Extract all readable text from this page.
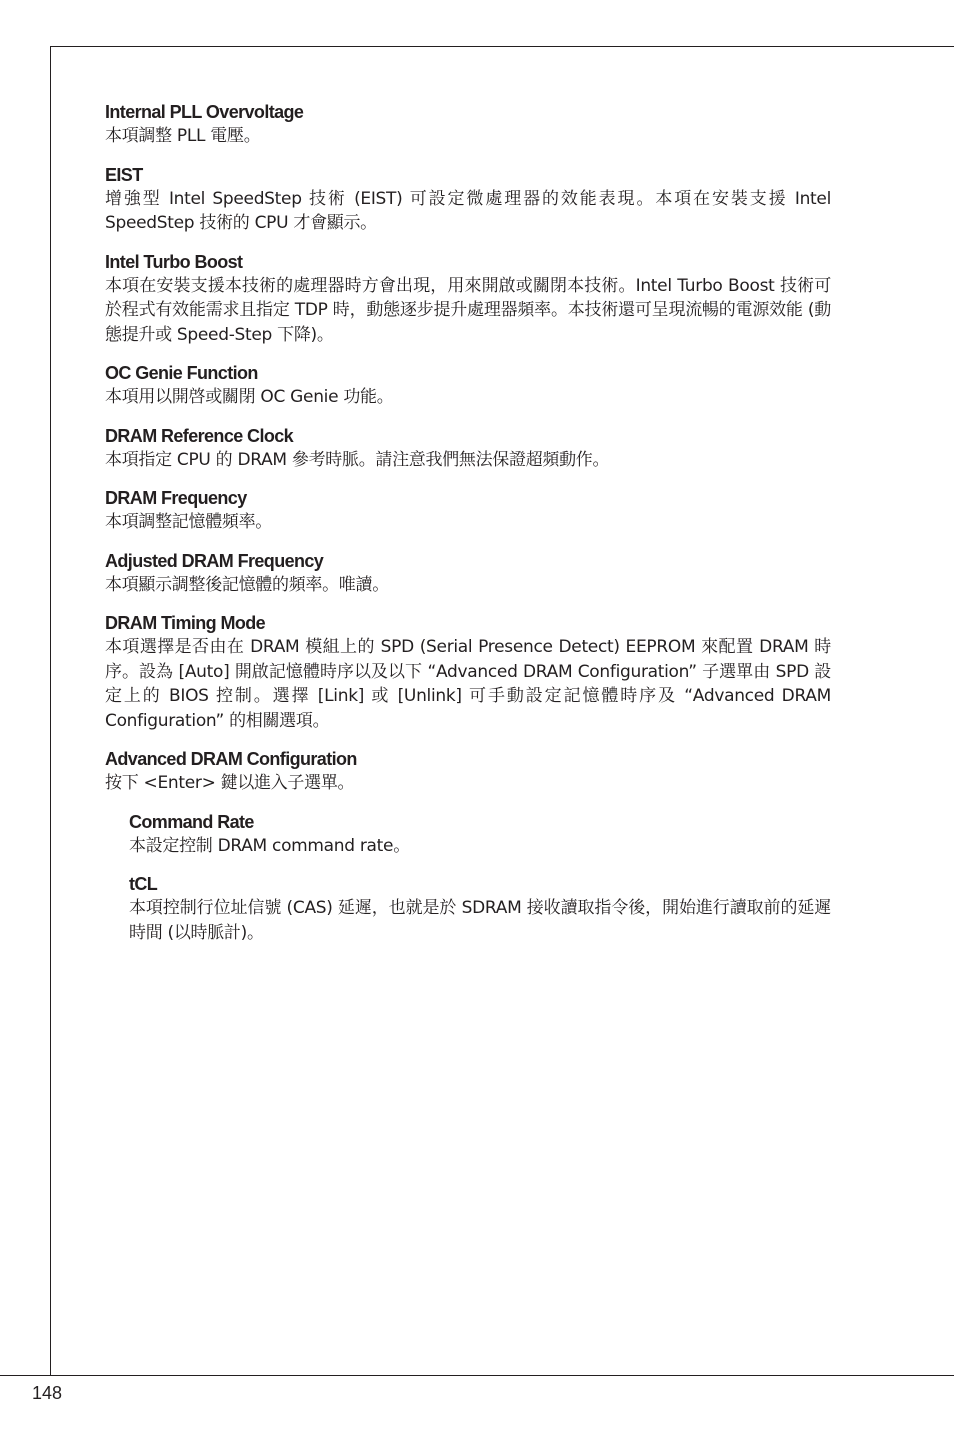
Internal PLL Overvoltage
本項調整 PLL 電壓。
EIST
增強型 Intel SpeedStep 技術 (EIST) 可設定微處理器的效能表現。本項在安裝支援 Intel SpeedStep 技術的 CPU 才會顯示。
Intel Turbo Boost
本項在安裝支援本技術的處理器時方會出現，用來開啟或關閉本技術。Intel Turbo Boost 技術可於程式有效能需求且指定 TDP 時，動態逐步提升處理器頻率。本技術還可呈現流暢的電源效能 (動態提升或 Speed-Step 下降)。
OC Genie Function
本項用以開啓或關閉 OC Genie 功能。
DRAM Reference Clock
本項指定 CPU 的 DRAM 參考時脈。請注意我們無法保證超頻動作。
DRAM Frequency
本項調整記憶體頻率。
Adjusted DRAM Frequency
本項顯示調整後記憶體的頻率。唯讀。
DRAM Timing Mode
本項選擇是否由在 DRAM 模組上的 SPD (Serial Presence Detect) EEPROM 來配置 DRAM 時序。設為 [Auto] 開啟記憶體時序以及以下 “Advanced DRAM Configuration” 子選單由 SPD 設定上的 BIOS 控制。選擇 [Link] 或 [Unlink] 可手動設定記憶體時序及 “Advanced DRAM Configuration” 的相關選項。
Advanced DRAM Configuration
按下 <Enter> 鍵以進入子選單。
Command Rate
本設定控制 DRAM command rate。
tCL
本項控制行位址信號 (CAS) 延遲，也就是於 SDRAM 接收讀取指令後，開始進行讀取前的延遲時間 (以時脈計)。
148
